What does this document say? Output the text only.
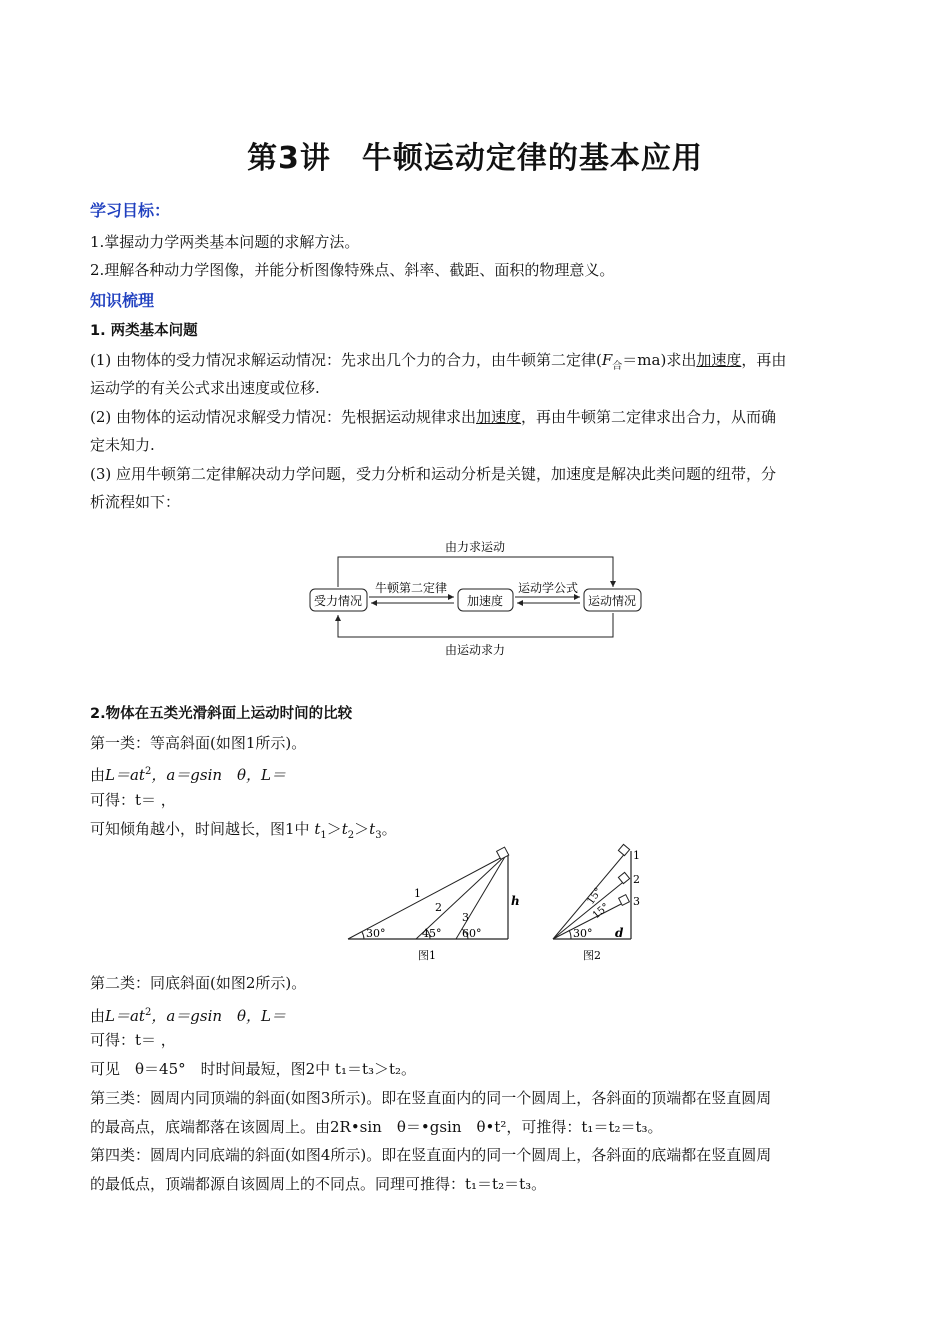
第3讲　牛顿运动定律的基本应用
学习目标：
1.掌握动力学两类基本问题的求解方法。
2.理解各种动力学图像，并能分析图像特殊点、斜率、截距、面积的物理意义。
知识梳理
1. 两类基本问题
(1) 由物体的受力情况求解运动情况：先求出几个力的合力，由牛顿第二定律$(F_合=ma)$求出加速度，再由
运动学的有关公式求出速度或位移.
(2) 由物体的运动情况求解受力情况：先根据运动规律求出加速度，再由牛顿第二定律求出合力，从而确
定未知力.
(3) 应用牛顿第二定律解决动力学问题，受力分析和运动分析是关键，加速度是解决此类问题的纽带，分
析流程如下：
由力求运动
由运动求力
受力情况	加速度	运动情况
牛顿第二定律	运动学公式
2.物体在五类光滑斜面上运动时间的比较
第一类：等高斜面(如图1所示)。
由$L=at^2$，a＝gsin　θ，L＝
可得：t＝ ，
可知倾角越小，时间越长，图1中 $t_1>t_2>t_3$。
30°	45° 60°
1
2
3
h
图1
30°
15°
15°
1
2
3
d
图2
第二类：同底斜面(如图2所示)。
由$L=at^2$，a＝gsin　θ，L＝
可得：t＝ ，
可见　θ＝45°　时时间最短，图2中 t₁＝t₃＞t₂。
第三类：圆周内同顶端的斜面(如图3所示)。即在竖直面内的同一个圆周上，各斜面的顶端都在竖直圆周
的最高点，底端都落在该圆周上。由2R•sin　θ＝•gsin　θ•t²，可推得：t₁＝t₂＝t₃。
第四类：圆周内同底端的斜面(如图4所示)。即在竖直面内的同一个圆周上，各斜面的底端都在竖直圆周
的最低点，顶端都源自该圆周上的不同点。同理可推得：t₁＝t₂＝t₃。
